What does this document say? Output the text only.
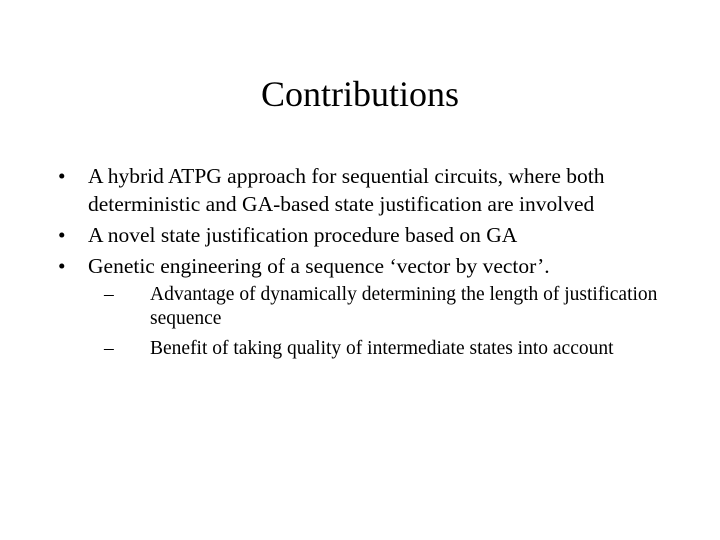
Contributions
•	A hybrid ATPG approach for sequential circuits, where both deterministic and GA-based state justification are involved
•	A novel state justification procedure based on GA
•	Genetic engineering of a sequence ‘vector by vector’.
–	Advantage of dynamically determining the length of justification sequence
–	Benefit of taking quality of intermediate states into account
